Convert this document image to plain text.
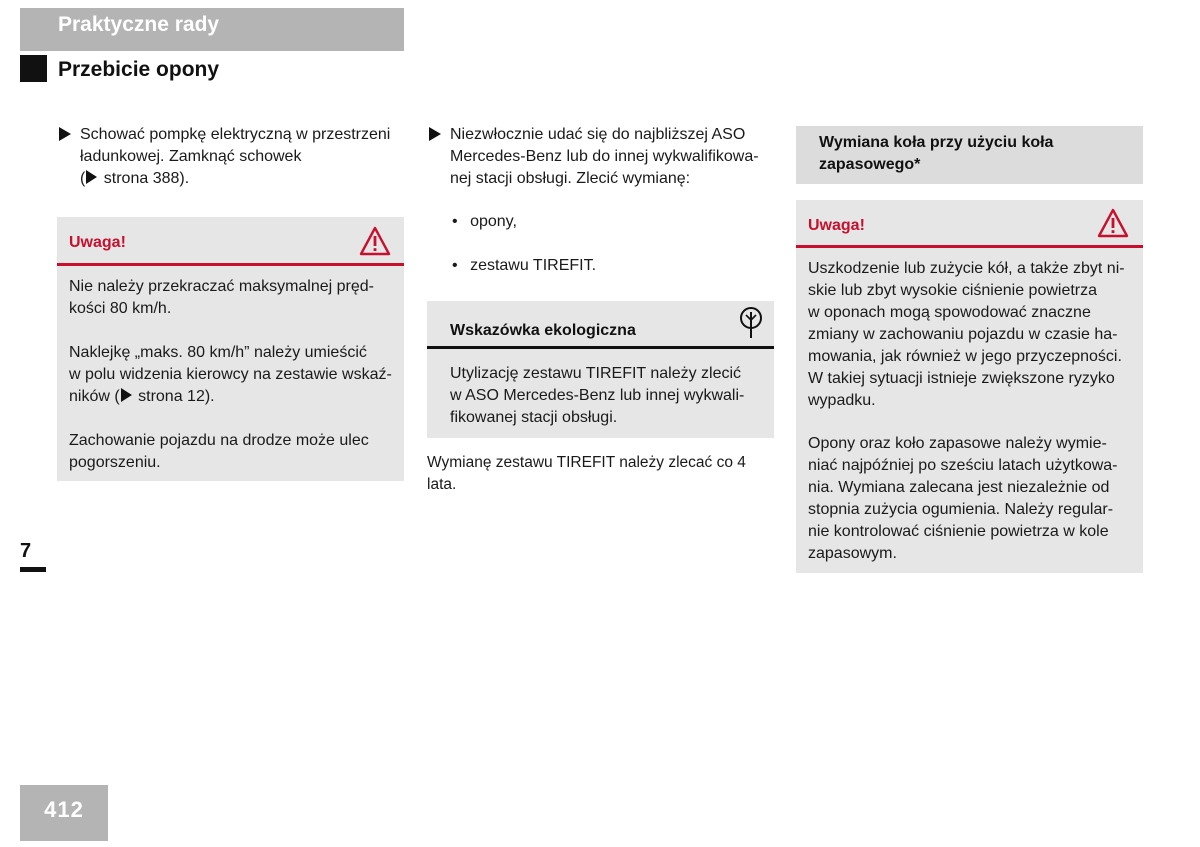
Praktyczne rady
Przebicie opony
Schować pompkę elektryczną w przestrzeni
ładunkowej. Zamknąć schowek
( strona 388).
Uwaga!
Nie należy przekraczać maksymalnej pręd-
kości 80 km/h.
Naklejkę „maks. 80 km/h” należy umieścić
w polu widzenia kierowcy na zestawie wskaź-
ników ( strona 12).
Zachowanie pojazdu na drodze może ulec
pogorszeniu.
Niezwłocznie udać się do najbliższej ASO
Mercedes-Benz lub do innej wykwalifikowa-
nej stacji obsługi. Zlecić wymianę:
• opony,
• zestawu TIREFIT.
Wskazówka ekologiczna
Utylizację zestawu TIREFIT należy zlecić
w ASO Mercedes-Benz lub innej wykwali-
fikowanej stacji obsługi.
Wymianę zestawu TIREFIT należy zlecać co 4 lata.
Wymiana koła przy użyciu koła
zapasowego*
Uwaga!
Uszkodzenie lub zużycie kół, a także zbyt ni-
skie lub zbyt wysokie ciśnienie powietrza
w oponach mogą spowodować znaczne
zmiany w zachowaniu pojazdu w czasie ha-
mowania, jak również w jego przyczepności.
W takiej sytuacji istnieje zwiększone ryzyko
wypadku.
Opony oraz koło zapasowe należy wymie-
niać najpóźniej po sześciu latach użytkowa-
nia. Wymiana zalecana jest niezależnie od
stopnia zużycia ogumienia. Należy regular-
nie kontrolować ciśnienie powietrza w kole
zapasowym.
7
412
